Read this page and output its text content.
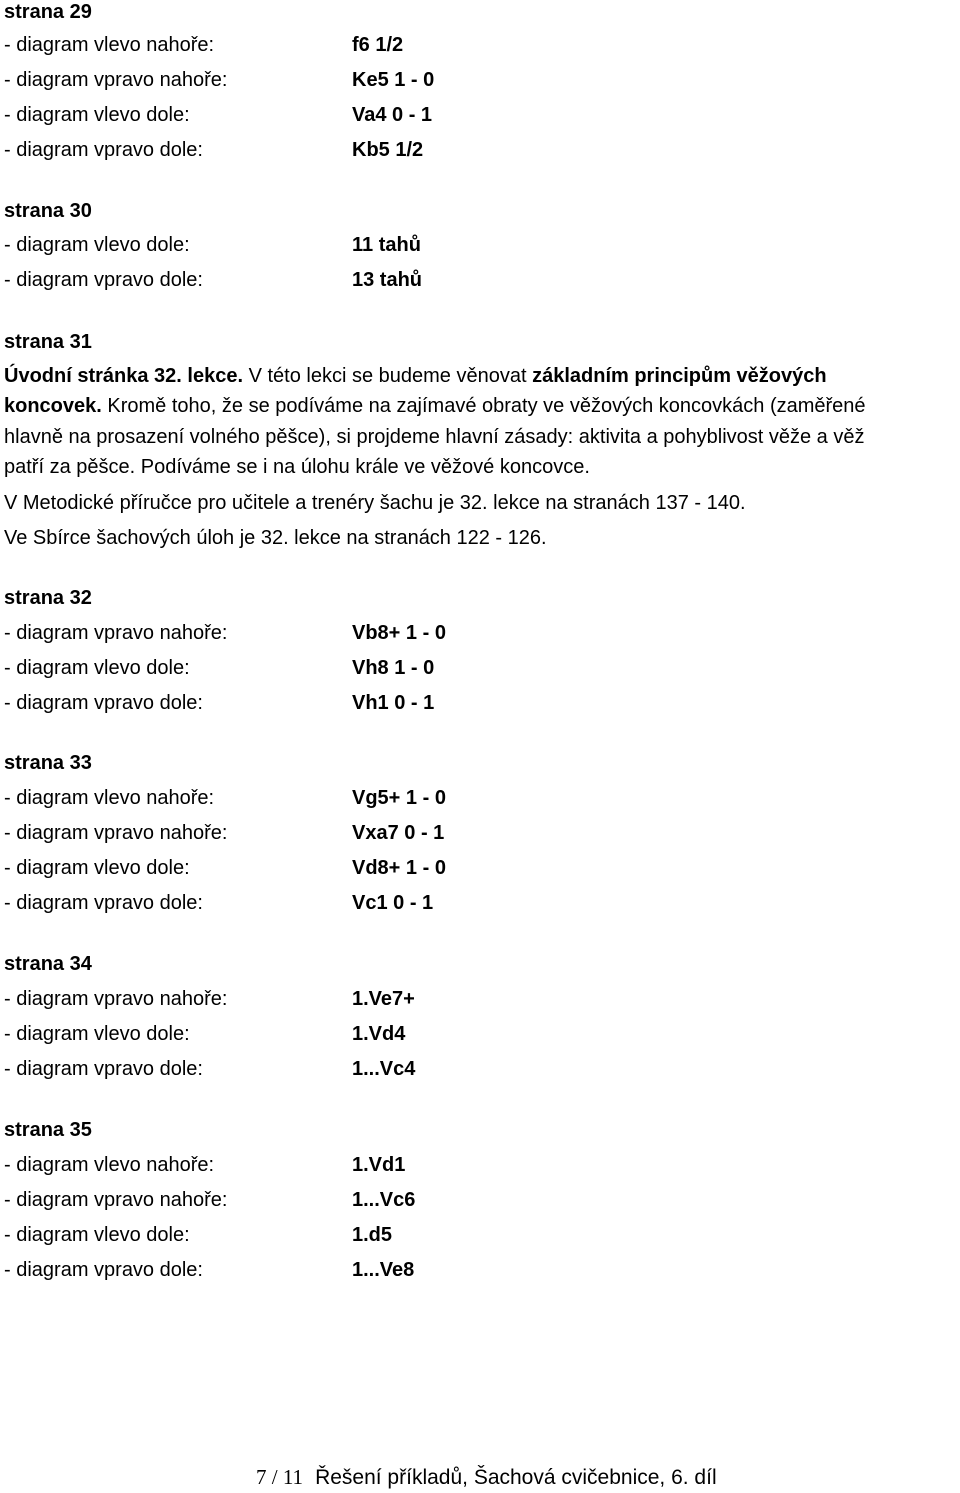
strana 29
- diagram vlevo nahoře:	f6 1/2
- diagram vpravo nahoře:	Ke5 1 - 0
- diagram vlevo dole:	Va4 0 - 1
- diagram vpravo dole:	Kb5 1/2
strana 30
- diagram vlevo dole:	11 tahů
- diagram vpravo dole:	13 tahů
strana 31
Úvodní stránka 32. lekce. V této lekci se budeme věnovat základním principům věžových
koncovek. Kromě toho, že se podíváme na zajímavé obraty ve věžových koncovkách (zaměřené
hlavně na prosazení volného pěšce), si projdeme hlavní zásady: aktivita a pohyblivost věže a věž
patří za pěšce. Podíváme se i na úlohu krále ve věžové koncovce.
V Metodické příručce pro učitele a trenéry šachu je 32. lekce na stranách 137 - 140.
Ve Sbírce šachových úloh je 32. lekce na stranách 122 - 126.
strana 32
- diagram vpravo nahoře:	Vb8+ 1 - 0
- diagram vlevo dole:	Vh8 1 - 0
- diagram vpravo dole:	Vh1 0 - 1
strana 33
- diagram vlevo nahoře:	Vg5+ 1 - 0
- diagram vpravo nahoře:	Vxa7 0 - 1
- diagram vlevo dole:	Vd8+ 1 - 0
- diagram vpravo dole:	Vc1 0 - 1
strana 34
- diagram vpravo nahoře:	1.Ve7+
- diagram vlevo dole:	1.Vd4
- diagram vpravo dole:	1...Vc4
strana 35
- diagram vlevo nahoře:	1.Vd1
- diagram vpravo nahoře:	1...Vc6
- diagram vlevo dole:	1.d5
- diagram vpravo dole:	1...Ve8
7 / 11 Řešení příkladů, Šachová cvičebnice, 6. díl
